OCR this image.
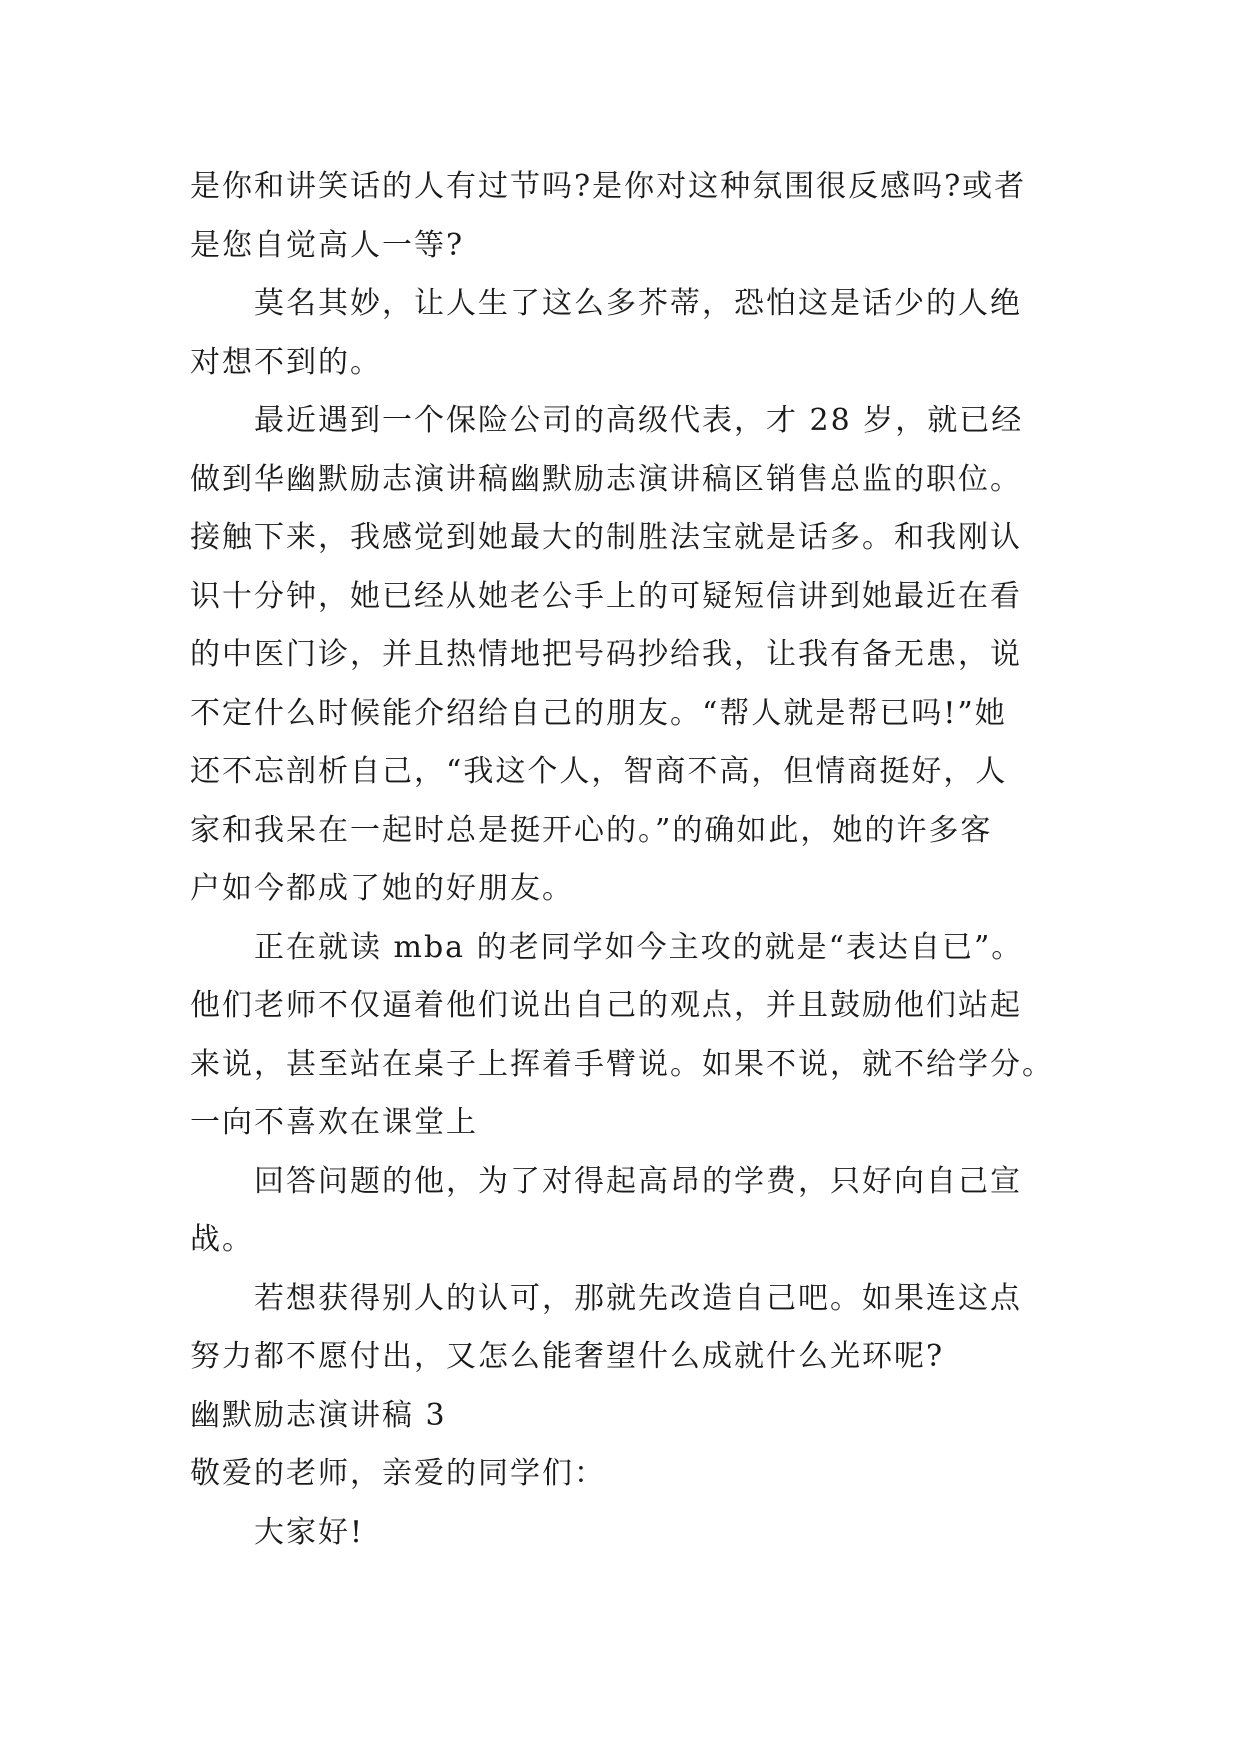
是你和讲笑话的人有过节吗?是你对这种氛围很反感吗?或者
是您自觉高人一等?
莫名其妙，让人生了这么多芥蒂，恐怕这是话少的人绝
对想不到的。
最近遇到一个保险公司的高级代表，才 28 岁，就已经
做到华幽默励志演讲稿幽默励志演讲稿区销售总监的职位。
接触下来，我感觉到她最大的制胜法宝就是话多。和我刚认
识十分钟，她已经从她老公手上的可疑短信讲到她最近在看
的中医门诊，并且热情地把号码抄给我，让我有备无患，说
不定什么时候能介绍给自己的朋友。“帮人就是帮已吗!”她
还不忘剖析自己，“我这个人，智商不高，但情商挺好，人
家和我呆在一起时总是挺开心的。”的确如此，她的许多客
户如今都成了她的好朋友。
正在就读 mba 的老同学如今主攻的就是“表达自已”。
他们老师不仅逼着他们说出自己的观点，并且鼓励他们站起
来说，甚至站在桌子上挥着手臂说。如果不说，就不给学分。
一向不喜欢在课堂上
回答问题的他，为了对得起高昂的学费，只好向自己宣
战。
若想获得别人的认可，那就先改造自己吧。如果连这点
努力都不愿付出，又怎么能奢望什么成就什么光环呢?
幽默励志演讲稿 3
敬爱的老师，亲爱的同学们：
大家好!
